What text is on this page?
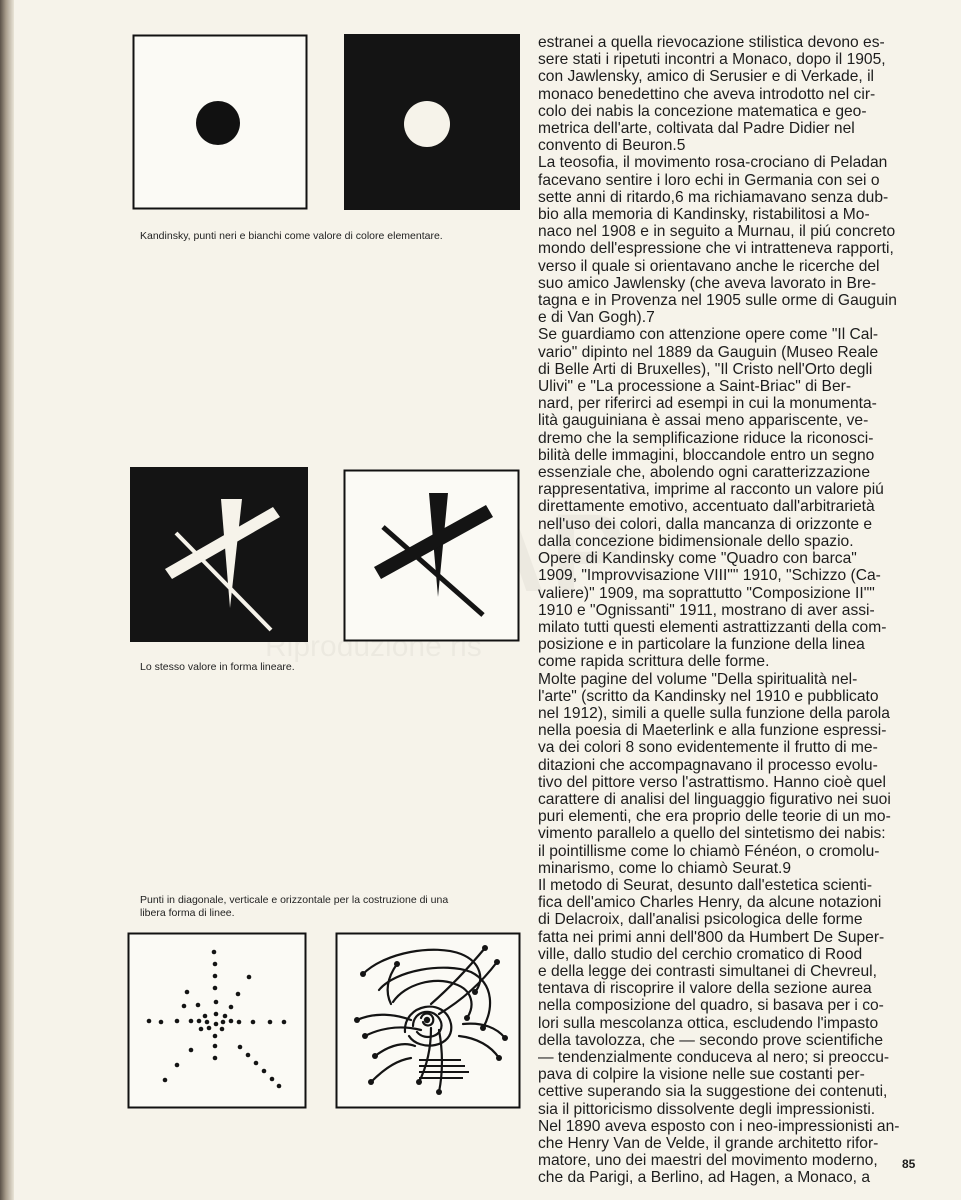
Kandinsky, punti neri e bianchi come valore di colore elementare.
Lo stesso valore in forma lineare.
Punti in diagonale, verticale e orizzontale per la costruzione di una
libera forma di linee.

estranei a quella rievocazione stilistica devono es-

sere stati i ripetuti incontri a Monaco, dopo il 1905,

con Jawlensky, amico di Serusier e di Verkade, il

monaco benedettino che aveva introdotto nel cir-

colo dei nabis la concezione matematica e geo-

metrica dell'arte, coltivata dal Padre Didier nel

convento di Beuron.5

La teosofia, il movimento rosa-crociano di Peladan

facevano sentire i loro echi in Germania con sei o

sette anni di ritardo,6 ma richiamavano senza dub-

bio alla memoria di Kandinsky, ristabilitosi a Mo-

naco nel 1908 e in seguito a Murnau, il piú concreto

mondo dell'espressione che vi intratteneva rapporti,

verso il quale si orientavano anche le ricerche del

suo amico Jawlensky (che aveva lavorato in Bre-

tagna e in Provenza nel 1905 sulle orme di Gauguin

e di Van Gogh).7

Se guardiamo con attenzione opere come "Il Cal-

vario" dipinto nel 1889 da Gauguin (Museo Reale

di Belle Arti di Bruxelles), "Il Cristo nell'Orto degli

Ulivi" e "La processione a Saint-Briac" di Ber-

nard, per riferirci ad esempi in cui la monumenta-

lità gauguiniana è assai meno appariscente, ve-

dremo che la semplificazione riduce la riconosci-

bilità delle immagini, bloccandole entro un segno

essenziale che, abolendo ogni caratterizzazione

rappresentativa, imprime al racconto un valore piú

direttamente emotivo, accentuato dall'arbitrarietà

nell'uso dei colori, dalla mancanza di orizzonte e

dalla concezione bidimensionale dello spazio.

Opere di Kandinsky come "Quadro con barca"

1909, "Improvvisazione VIII"" 1910, "Schizzo (Ca-

valiere)" 1909, ma soprattutto "Composizione II""

1910 e "Ognissanti" 1911, mostrano di aver assi-

milato tutti questi elementi astrattizzanti della com-

posizione e in particolare la funzione della linea

come rapida scrittura delle forme.

Molte pagine del volume "Della spiritualità nel-

l'arte" (scritto da Kandinsky nel 1910 e pubblicato

nel 1912), simili a quelle sulla funzione della parola

nella poesia di Maeterlink e alla funzione espressi-

va dei colori 8 sono evidentemente il frutto di me-

ditazioni che accompagnavano il processo evolu-

tivo del pittore verso l'astrattismo. Hanno cioè quel

carattere di analisi del linguaggio figurativo nei suoi

puri elementi, che era proprio delle teorie di un mo-

vimento parallelo a quello del sintetismo dei nabis:

il pointillisme come lo chiamò Fénéon, o cromolu-

minarismo, come lo chiamò Seurat.9

Il metodo di Seurat, desunto dall'estetica scienti-

fica dell'amico Charles Henry, da alcune notazioni

di Delacroix, dall'analisi psicologica delle forme

fatta nei primi anni dell'800 da Humbert De Super-

ville, dallo studio del cerchio cromatico di Rood

e della legge dei contrasti simultanei di Chevreul,

tentava di riscoprire il valore della sezione aurea

nella composizione del quadro, si basava per i co-

lori sulla mescolanza ottica, escludendo l'impasto

della tavolozza, che — secondo prove scientifiche

— tendenzialmente conduceva al nero; si preoccu-

pava di colpire la visione nelle sue costanti per-

cettive superando sia la suggestione dei contenuti,

sia il pittoricismo dissolvente degli impressionisti.

Nel 1890 aveva esposto con i neo-impressionisti an-

che Henry Van de Velde, il grande architetto rifor-

matore, uno dei maestri del movimento moderno,

che da Parigi, a Berlino, ad Hagen, a Monaco, a

85
